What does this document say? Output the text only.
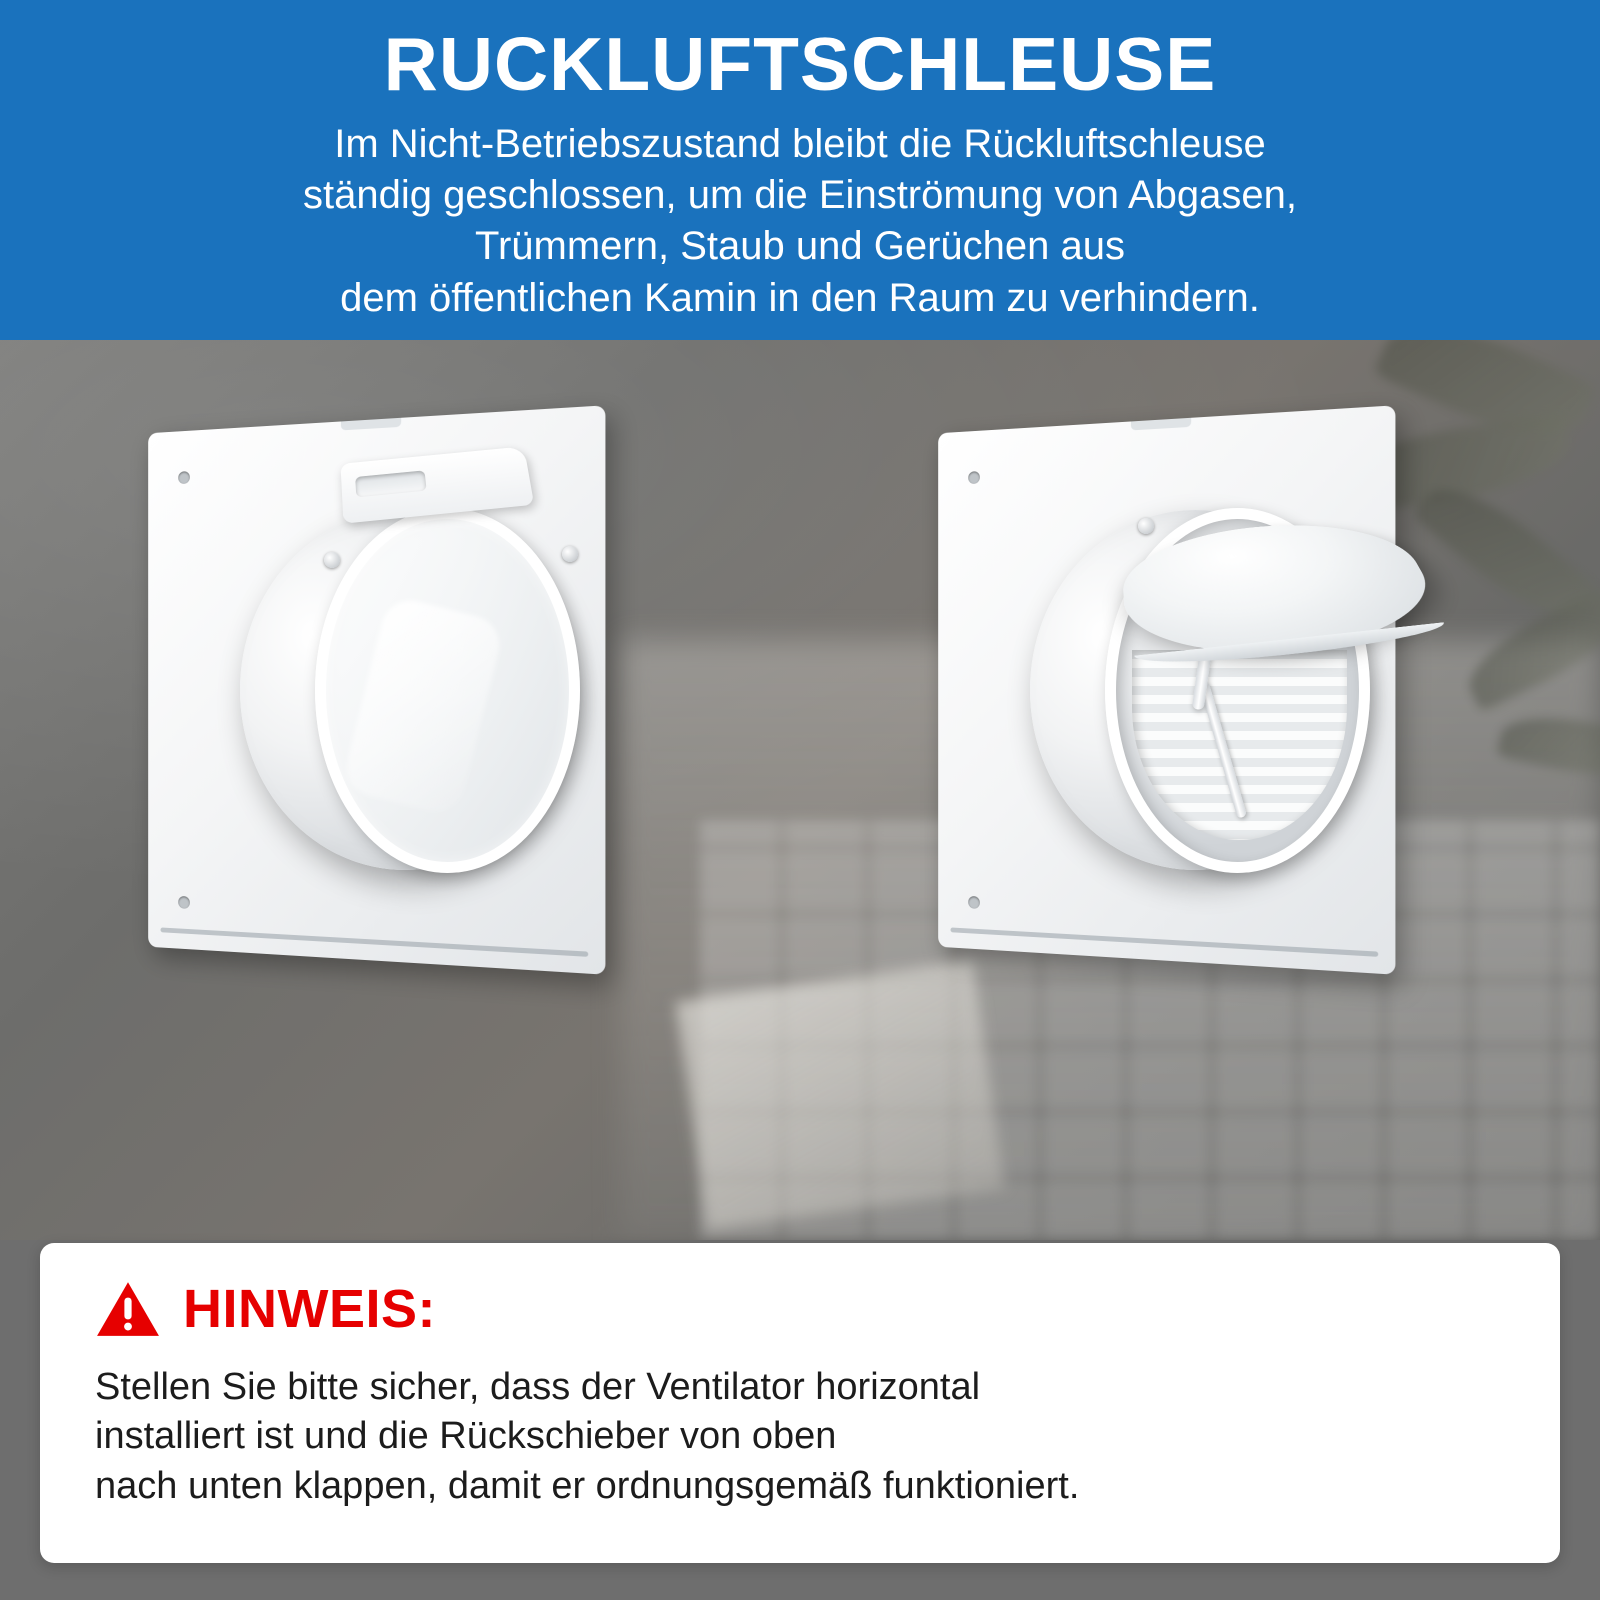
RUCKLUFTSCHLEUSE
Im Nicht-Betriebszustand bleibt die Rückluftschleuse
ständig geschlossen, um die Einströmung von Abgasen,
Trümmern, Staub und Gerüchen aus
dem öffentlichen Kamin in den Raum zu verhindern.
HINWEIS:
Stellen Sie bitte sicher, dass der Ventilator horizontal
installiert ist und die Rückschieber von oben
nach unten klappen, damit er ordnungsgemäß funktioniert.
